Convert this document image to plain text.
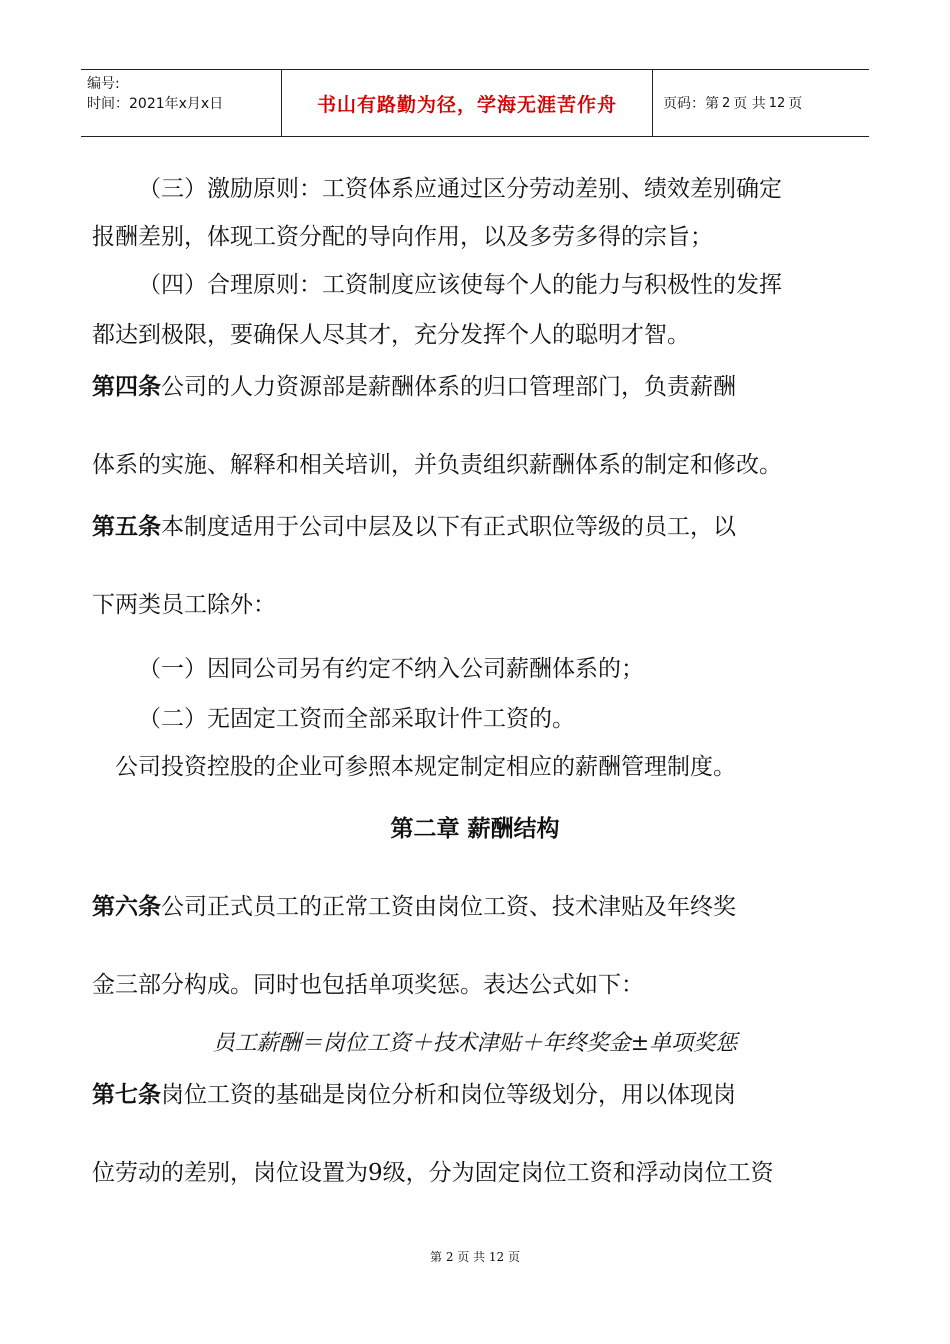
编号:
时间：2021年x月x日	书山有路勤为径，学海无涯苦作舟	页码：第 2 页 共 12 页

（三）激励原则：工资体系应通过区分劳动差别、绩效差别确定

报酬差别，体现工资分配的导向作用，以及多劳多得的宗旨；

（四）合理原则：工资制度应该使每个人的能力与积极性的发挥

都达到极限，要确保人尽其才，充分发挥个人的聪明才智。

第四条公司的人力资源部是薪酬体系的归口管理部门，负责薪酬

体系的实施、解释和相关培训，并负责组织薪酬体系的制定和修改。

第五条本制度适用于公司中层及以下有正式职位等级的员工，以

下两类员工除外：

（一）因同公司另有约定不纳入公司薪酬体系的；

（二）无固定工资而全部采取计件工资的。

公司投资控股的企业可参照本规定制定相应的薪酬管理制度。

第二章 薪酬结构

第六条公司正式员工的正常工资由岗位工资、技术津贴及年终奖

金三部分构成。同时也包括单项奖惩。表达公式如下：

员工薪酬＝岗位工资＋技术津贴＋年终奖金±单项奖惩

第七条岗位工资的基础是岗位分析和岗位等级划分，用以体现岗

位劳动的差别，岗位设置为9级，分为固定岗位工资和浮动岗位工资

第 2 页 共 12 页
